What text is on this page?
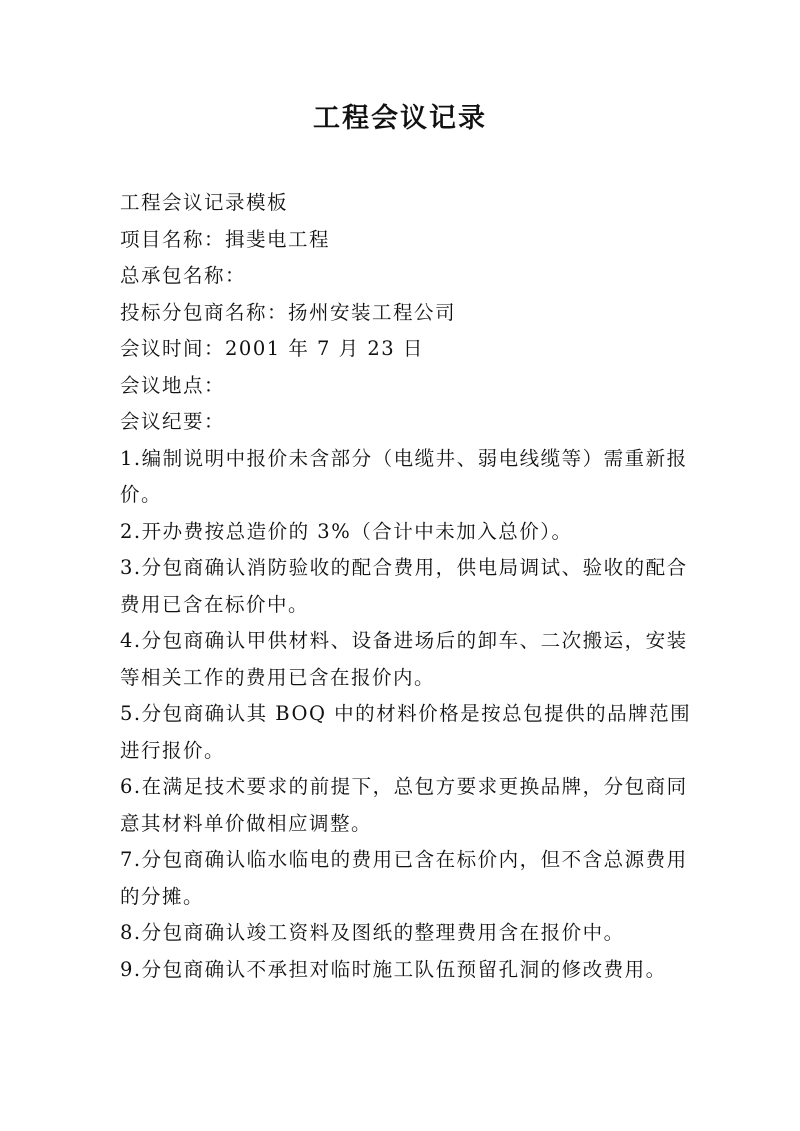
工程会议记录
工程会议记录模板
项目名称：揖斐电工程
总承包名称：
投标分包商名称：扬州安装工程公司
会议时间：2001 年 7 月 23 日
会议地点：
会议纪要：
1.编制说明中报价未含部分（电缆井、弱电线缆等）需重新报价。
2.开办费按总造价的 3%（合计中未加入总价）。
3.分包商确认消防验收的配合费用，供电局调试、验收的配合费用已含在标价中。
4.分包商确认甲供材料、设备进场后的卸车、二次搬运，安装等相关工作的费用已含在报价内。
5.分包商确认其 BOQ 中的材料价格是按总包提供的品牌范围进行报价。
6.在满足技术要求的前提下，总包方要求更换品牌，分包商同意其材料单价做相应调整。
7.分包商确认临水临电的费用已含在标价内，但不含总源费用的分摊。
8.分包商确认竣工资料及图纸的整理费用含在报价中。
9.分包商确认不承担对临时施工队伍预留孔洞的修改费用。
